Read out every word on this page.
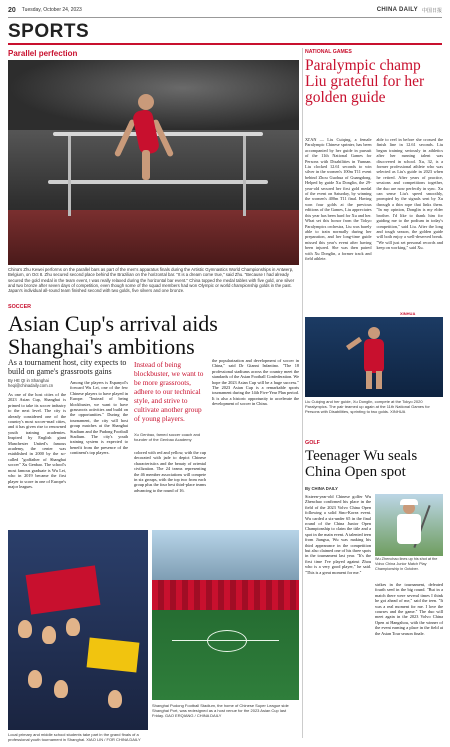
20 Tuesday, October 24, 2023	CHINA DAILY 中国日报
SPORTS
Parallel perfection
China's Zhu Kewei performs on the parallel bars as part of the men's apparatus finals during the Artistic Gymnastics World Championships in Antwerp, Belgium, on Oct 8. Zhu secured second place behind the Brazilian on the horizontal bar. "It is a dream come true," said Zhu. "Because I had already secured the gold medal in the team event, I was really relaxed during the horizontal bar event." China topped the medal tables with five gold, one silver and two bronze after seven days of competition, even though some of the squad members had won Olympic or world championship golds in the past. Japan's individual all-round team finished second with two golds, five silvers and one bronze.
NATIONAL GAMES
Paralympic champ Liu grateful for her golden guide
XI'AN — Liu Cuiqing, a female Paralympic Chinese sprinter, has been accompanied by her guide in pursuit of the 11th National Games for Persons with Disabilities in Yunnan. Liu clocked 12.61 seconds to win silver in the women's 100m T11 event behind Zhou Guohua of Guangdong. Helped by guide Xu Donglin, the 29-year-old secured her first gold medal of the event on Saturday, by winning the women's 400m T11 final. Having won four golds at the previous editions of the Games, Liu appreciates this year has been hard for Xu and her. What set this honor from the Tokyo Paralympics orchestra, Liu was barely able to train normally during her preparation, and her long-time guide missed this year's event after having been injured. She was then paired with Xu Donglin, a former track and field athlete.
able to reel in before she crossed the finish line in 12.61 seconds. Liu began training seriously in athletics after her running talent was discovered in school. Xu, 32, is a former professional athlete who was selected as Liu's guide in 2023 when he retired. After years of practice, sessions and competitions together, the duo are now perfectly in sync. Xu can sense Liu's speed smoothly, prompted by the signals sent by Xu through a thin rope that links them. "In my opinion, Donglin is my elder brother. I'd like to thank him for guiding me to the podium in today's competition," said Liu. After the long and tough season, the golden guide will both enjoy a well-deserved break. "We will just set personal records and keep on working," said Xu.
XINHUA
Liu Cuiqing and her guide, Xu Donglin, compete at the Tokyo 2020 Paralympics. The pair teamed up again at the 11th National Games for Persons with Disabilities, sprinting to two golds. XINHUA
SOCCER
Asian Cup's arrival aids Shanghai's ambitions
As a tournament host, city expects to build on game's grassroots gains
By HE QI in Shanghai heqi@chinadaily.com.cn
As one of the host cities of the 2023 Asian Cup, Shanghai is primed to take its soccer industry to the next level. The city is already considered one of the country's most soccer-mad cities, and it has given rise to renowned youth training academies. Inspired by English giant Manchester United's famous academy, the center was established in 2000 by the so-called "godfather of Shanghai soccer" Xu Genbao. The school's most famous graduate is Wu Lei, who in 2019 became the first player to score in one of Europe's major leagues.
Among the players is Espanyol's forward Wu Lei, one of the few Chinese players to have played in Europe. "Instead of being blockbuster, we want to have grassroots activities and build on the opportunities." During the tournament, the city will host group matches at the Shanghai Stadium and the Pudong Football Stadium. The city's youth training system is expected to benefit from the presence of the continent's top players.
Instead of being blockbuster, we want to be more grassroots, adhere to our technical style, and strive to cultivate another group of young players.
Xu Genbao, famed soccer coach and founder of the Genbao Academy
colored with red and yellow, with the cup decorated with jade to depict Chinese characteristics and the beauty of oriental civilization. The 24 teams representing the 46 member associations will compete in six groups, with the top two from each group plus the four best third-place teams advancing to the round of 16.
the popularization and development of soccer in China," said Dr Gianni Infantino. "The 18 professional stadiums across the country meet the standards of the Asian Football Confederation. We hope the 2023 Asian Cup will be a huge success." The 2023 Asian Cup is a remarkable sports tournament during the 14th Five-Year Plan period. It is also a historic opportunity to accelerate the development of soccer in China.
Local primary and middle school students take part in the grand finals of a professional youth tournament in Shanghai. XIAO LIN / FOR CHINA DAILY
Shanghai Pudong Football Stadium, the home of Chinese Super League side Shanghai Port, was redesigned as a host venue for the 2023 Asian Cup last Friday. GAO ERQIANG / CHINA DAILY
GOLF
Teenager Wu seals China Open spot
By CHINA DAILY
Sixteen-year-old Chinese golfer Wu Zhenchao confirmed his place in the field of the 2023 Volvo China Open following a solid Sino-Korea event. Wu carded a six-under 65 in the final round of the China Junior Open Championship to claim the title and a spot in the main event. A talented teen from Jiangsu, Wu was making his third appearance in the competition but also claimed one of his three spots in the tournament last year. "It's the first time I've played against Zhou who is a very good player," he said. "This is a great moment for me."
Wu Zhenchao lines up his shot at the Volvo China Junior Match Play Championship in October.
strikes in the tournament, defeated fourth seed in the big round. "But in a match there were several times I think he got ahead of me," said the teen. "It was a real moment for me. I love the courses and the game." The duo will meet again in the 2023 Volvo China Open at Hangzhou, with the winner of the event earning a place in the field at the Asian Tour season finale.
